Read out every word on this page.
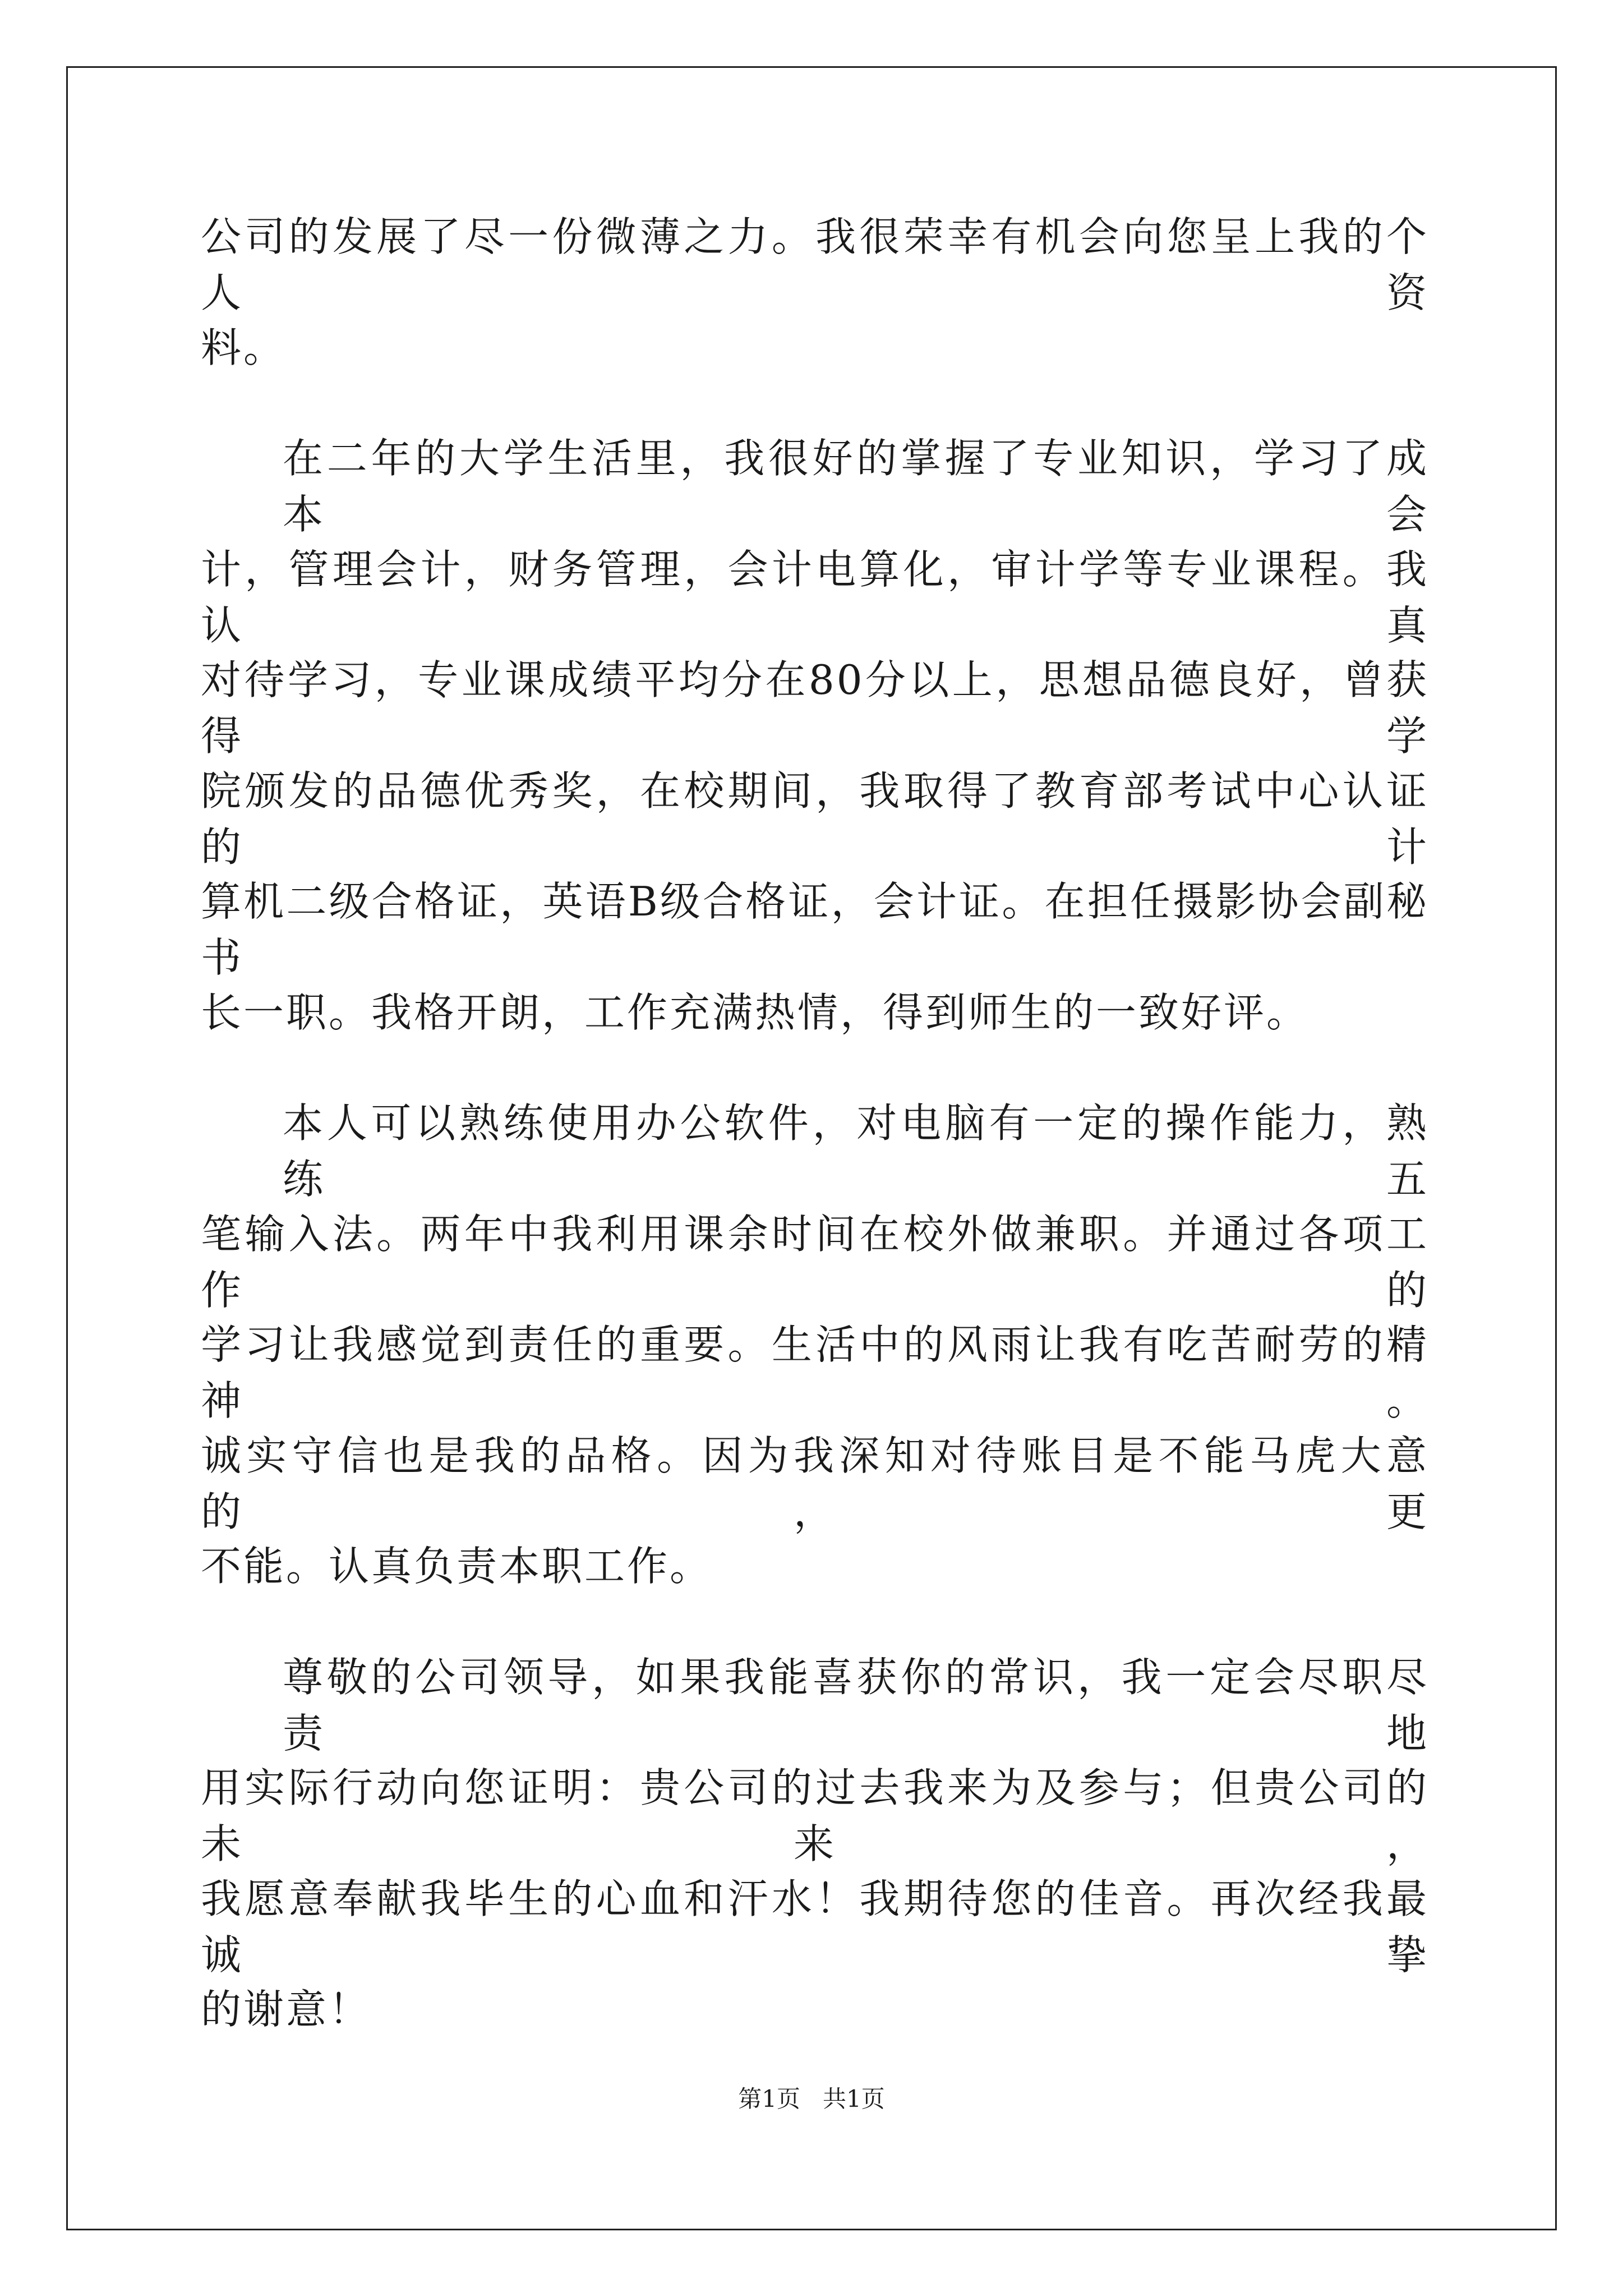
公司的发展了尽一份微薄之力。我很荣幸有机会向您呈上我的个人资
料。
在二年的大学生活里，我很好的掌握了专业知识，学习了成本会
计，管理会计，财务管理，会计电算化，审计学等专业课程。我认真
对待学习，专业课成绩平均分在80分以上，思想品德良好，曾获得学
院颁发的品德优秀奖，在校期间，我取得了教育部考试中心认证的计
算机二级合格证，英语B级合格证，会计证。在担任摄影协会副秘书
长一职。我格开朗，工作充满热情，得到师生的一致好评。
本人可以熟练使用办公软件，对电脑有一定的操作能力，熟练五
笔输入法。两年中我利用课余时间在校外做兼职。并通过各项工作的
学习让我感觉到责任的重要。生活中的风雨让我有吃苦耐劳的精神。
诚实守信也是我的品格。因为我深知对待账目是不能马虎大意的，更
不能。认真负责本职工作。
尊敬的公司领导，如果我能喜获你的常识，我一定会尽职尽责地
用实际行动向您证明：贵公司的过去我来为及参与；但贵公司的未来，
我愿意奉献我毕生的心血和汗水！我期待您的佳音。再次经我最诚挚
的谢意！
第1页 共1页
